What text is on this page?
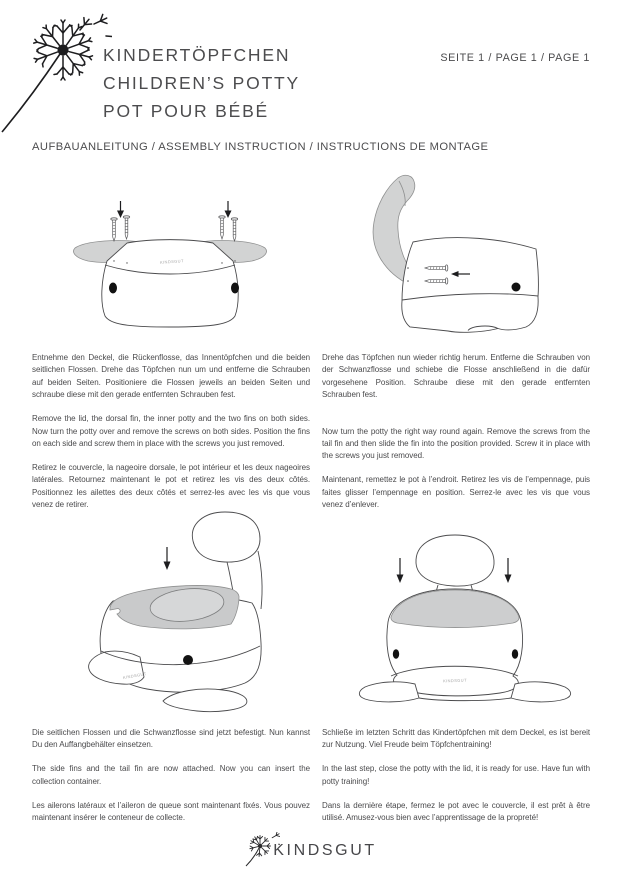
KINDERTÖPFCHEN
CHILDREN’S POTTY
POT POUR BÉBÉ
SEITE 1 / PAGE 1 / PAGE 1
AUFBAUANLEITUNG / ASSEMBLY INSTRUCTION / INSTRUCTIONS DE MONTAGE
KINDSGUT

Entnehme den Deckel, die Rückenflosse, das Innentöpfchen und die beiden seitlichen Flossen. Drehe das Töpfchen nun um und entferne die Schrauben auf beiden Seiten. Positioniere die Flossen jeweils an beiden Seiten und schraube diese mit den gerade entfernten Schrauben fest.

Remove the lid, the dorsal fin, the inner potty and the two fins on both sides. Now turn the potty over and remove the screws on both sides. Position the fins on each side and screw them in place with the screws you just removed.

Retirez le couvercle, la nageoire dorsale, le pot intérieur et les deux nageoires latérales. Retournez maintenant le pot et retirez les vis des deux côtés. Positionnez les ailettes des deux côtés et serrez-les avec les vis que vous venez de retirer.

Drehe das Töpfchen nun wieder richtig herum. Entferne die Schrauben von der Schwanzflosse und schiebe die Flosse anschließend in die dafür vorgesehene Position. Schraube diese mit den gerade entfernten Schrauben fest.

Now turn the potty the right way round again. Remove the screws from the tail fin and then slide the fin into the position provided. Screw it in place with the screws you just removed.

Maintenant, remettez le pot à l’endroit. Retirez les vis de l’empennage, puis faites glisser l’empennage en position. Serrez-le avec les vis que vous venez d’enlever.

KINDSGUT
KINDSGUT

Die seitlichen Flossen und die Schwanzflosse sind jetzt befestigt. Nun kannst Du den Auffangbehälter einsetzen.

The side fins and the tail fin are now attached. Now you can insert the collection container.

Les ailerons latéraux et l’aileron de queue sont maintenant fixés. Vous pouvez maintenant insérer le conteneur de collecte.

Schließe im letzten Schritt das Kindertöpfchen mit dem Deckel, es ist bereit zur Nutzung. Viel Freude beim Töpfchentraining!

In the last step, close the potty with the lid, it is ready for use. Have fun with potty training!

Dans la dernière étape, fermez le pot avec le couvercle, il est prêt à être utilisé. Amusez-vous bien avec l’apprentissage de la propreté!

KINDSGUT
